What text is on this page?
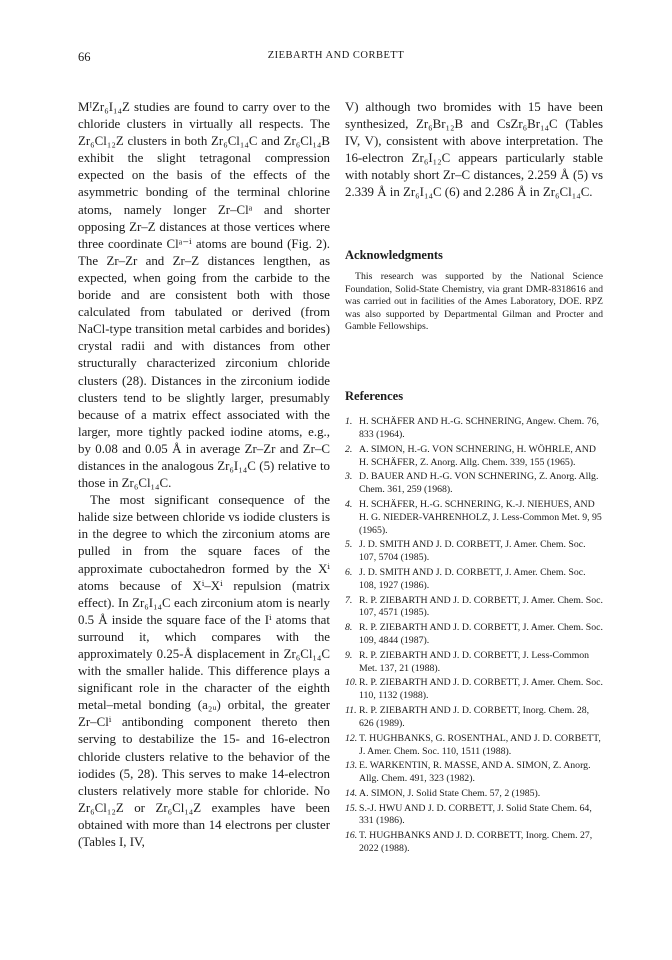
66	ZIEBARTH AND CORBETT

MᴵZr₆I₁₄Z studies are found to carry over to the chloride clusters in virtually all respects. The Zr₆Cl₁₂Z clusters in both Zr₆Cl₁₄C and Zr₆Cl₁₄B exhibit the slight tetragonal compression expected on the basis of the effects of the asymmetric bonding of the terminal chlorine atoms, namely longer Zr–Clᵃ and shorter opposing Zr–Z distances at those vertices where three coordinate Clᵃ⁻ⁱ atoms are bound (Fig. 2). The Zr–Zr and Zr–Z distances lengthen, as expected, when going from the carbide to the boride and are consistent both with those calculated from tabulated or derived (from NaCl-type transition metal carbides and borides) crystal radii and with distances from other structurally characterized zirconium chloride clusters (28). Distances in the zirconium iodide clusters tend to be slightly larger, presumably because of a matrix effect associated with the larger, more tightly packed iodine atoms, e.g., by 0.08 and 0.05 Å in average Zr–Zr and Zr–C distances in the analogous Zr₆I₁₄C (5) relative to those in Zr₆Cl₁₄C.

The most significant consequence of the halide size between chloride vs iodide clusters is in the degree to which the zirconium atoms are pulled in from the square faces of the approximate cuboctahedron formed by the Xⁱ atoms because of Xⁱ–Xⁱ repulsion (matrix effect). In Zr₆I₁₄C each zirconium atom is nearly 0.5 Å inside the square face of the Iⁱ atoms that surround it, which compares with the approximately 0.25-Å displacement in Zr₆Cl₁₄C with the smaller halide. This difference plays a significant role in the character of the eighth metal–metal bonding (a₂ᵤ) orbital, the greater Zr–Clⁱ antibonding component thereto then serving to destabilize the 15- and 16-electron chloride clusters relative to the behavior of the iodides (5, 28). This serves to make 14-electron clusters relatively more stable for chloride. No Zr₆Cl₁₂Z or Zr₆Cl₁₄Z examples have been obtained with more than 14 electrons per cluster (Tables I, IV,

V) although two bromides with 15 have been synthesized, Zr₆Br₁₂B and CsZr₆Br₁₄C (Tables IV, V), consistent with above interpretation. The 16-electron Zr₆I₁₂C appears particularly stable with notably short Zr–C distances, 2.259 Å (5) vs 2.339 Å in Zr₆I₁₄C (6) and 2.286 Å in Zr₆Cl₁₄C.

Acknowledgments

This research was supported by the National Science Foundation, Solid-State Chemistry, via grant DMR-8318616 and was carried out in facilities of the Ames Laboratory, DOE. RPZ was also supported by Departmental Gilman and Procter and Gamble Fellowships.

References
1. H. SCHÄFER AND H.-G. SCHNERING, Angew. Chem. 76, 833 (1964).
2. A. SIMON, H.-G. VON SCHNERING, H. WÖHRLE, AND H. SCHÄFER, Z. Anorg. Allg. Chem. 339, 155 (1965).
3. D. BAUER AND H.-G. VON SCHNERING, Z. Anorg. Allg. Chem. 361, 259 (1968).
4. H. SCHÄFER, H.-G. SCHNERING, K.-J. NIEHUES, AND H. G. NIEDER-VAHRENHOLZ, J. Less-Common Met. 9, 95 (1965).
5. J. D. SMITH AND J. D. CORBETT, J. Amer. Chem. Soc. 107, 5704 (1985).
6. J. D. SMITH AND J. D. CORBETT, J. Amer. Chem. Soc. 108, 1927 (1986).
7. R. P. ZIEBARTH AND J. D. CORBETT, J. Amer. Chem. Soc. 107, 4571 (1985).
8. R. P. ZIEBARTH AND J. D. CORBETT, J. Amer. Chem. Soc. 109, 4844 (1987).
9. R. P. ZIEBARTH AND J. D. CORBETT, J. Less-Common Met. 137, 21 (1988).
10. R. P. ZIEBARTH AND J. D. CORBETT, J. Amer. Chem. Soc. 110, 1132 (1988).
11. R. P. ZIEBARTH AND J. D. CORBETT, Inorg. Chem. 28, 626 (1989).
12. T. HUGHBANKS, G. ROSENTHAL, AND J. D. CORBETT, J. Amer. Chem. Soc. 110, 1511 (1988).
13. E. WARKENTIN, R. MASSE, AND A. SIMON, Z. Anorg. Allg. Chem. 491, 323 (1982).
14. A. SIMON, J. Solid State Chem. 57, 2 (1985).
15. S.-J. HWU AND J. D. CORBETT, J. Solid State Chem. 64, 331 (1986).
16. T. HUGHBANKS AND J. D. CORBETT, Inorg. Chem. 27, 2022 (1988).
